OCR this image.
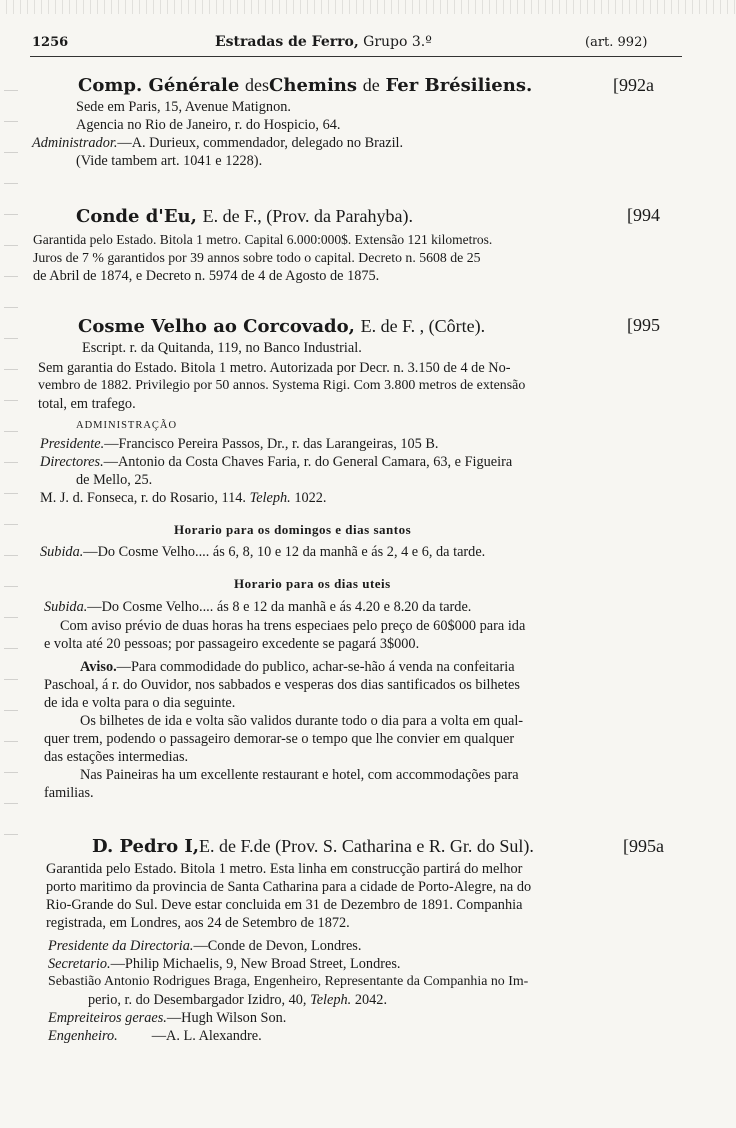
1256	Estradas de Ferro, Grupo 3.º	(art. 992)
Comp. Générale desChemins de Fer Brésiliens.	[992a
Sede em Paris, 15, Avenue Matignon.
Agencia no Rio de Janeiro, r. do Hospicio, 64.
Administrador.—A. Durieux, commendador, delegado no Brazil.
(Vide tambem art. 1041 e 1228).
Conde d'Eu, E. de F., (Prov. da Parahyba).	[994
Garantida pelo Estado. Bitola 1 metro. Capital 6.000:000$. Extensão 121 kilometros.
Juros de 7 % garantidos por 39 annos sobre todo o capital. Decreto n. 5608 de 25
de Abril de 1874, e Decreto n. 5974 de 4 de Agosto de 1875.
Cosme Velho ao Corcovado, E. de F. , (Côrte).	[995
Escript. r. da Quitanda, 119, no Banco Industrial.
Sem garantia do Estado. Bitola 1 metro. Autorizada por Decr. n. 3.150 de 4 de No-
vembro de 1882. Privilegio por 50 annos. Systema Rigi. Com 3.800 metros de extensão
total, em trafego.
ADMINISTRAÇÃO
Presidente.—Francisco Pereira Passos, Dr., r. das Larangeiras, 105 B.
Directores.—Antonio da Costa Chaves Faria, r. do General Camara, 63, e Figueira
de Mello, 25.
M. J. d. Fonseca, r. do Rosario, 114. Teleph. 1022.
Horario para os domingos e dias santos
Subida.—Do Cosme Velho.... ás 6, 8, 10 e 12 da manhã e ás 2, 4 e 6, da tarde.
Horario para os dias uteis
Subida.—Do Cosme Velho.... ás 8 e 12 da manhã e ás 4.20 e 8.20 da tarde.
Com aviso prévio de duas horas ha trens especiaes pelo preço de 60$000 para ida
e volta até 20 pessoas; por passageiro excedente se pagará 3$000.
Aviso.—Para commodidade do publico, achar-se-hão á venda na confeitaria
Paschoal, á r. do Ouvidor, nos sabbados e vesperas dos dias santificados os bilhetes
de ida e volta para o dia seguinte.
Os bilhetes de ida e volta são validos durante todo o dia para a volta em qual-
quer trem, podendo o passageiro demorar-se o tempo que lhe convier em qualquer
das estações intermedias.
Nas Paineiras ha um excellente restaurant e hotel, com accommodações para
familias.
D. Pedro I,E. de F.de (Prov. S. Catharina e R. Gr. do Sul).	[995a
Garantida pelo Estado. Bitola 1 metro. Esta linha em construcção partirá do melhor
porto maritimo da provincia de Santa Catharina para a cidade de Porto-Alegre, na do
Rio-Grande do Sul. Deve estar concluida em 31 de Dezembro de 1891. Companhia
registrada, em Londres, aos 24 de Setembro de 1872.
Presidente da Directoria.—Conde de Devon, Londres.
Secretario.—Philip Michaelis, 9, New Broad Street, Londres.
Sebastião Antonio Rodrigues Braga, Engenheiro, Representante da Companhia no Im-
perio, r. do Desembargador Izidro, 40, Teleph. 2042.
Empreiteiros geraes.—Hugh Wilson Son.
Engenheiro. —A. L. Alexandre.
